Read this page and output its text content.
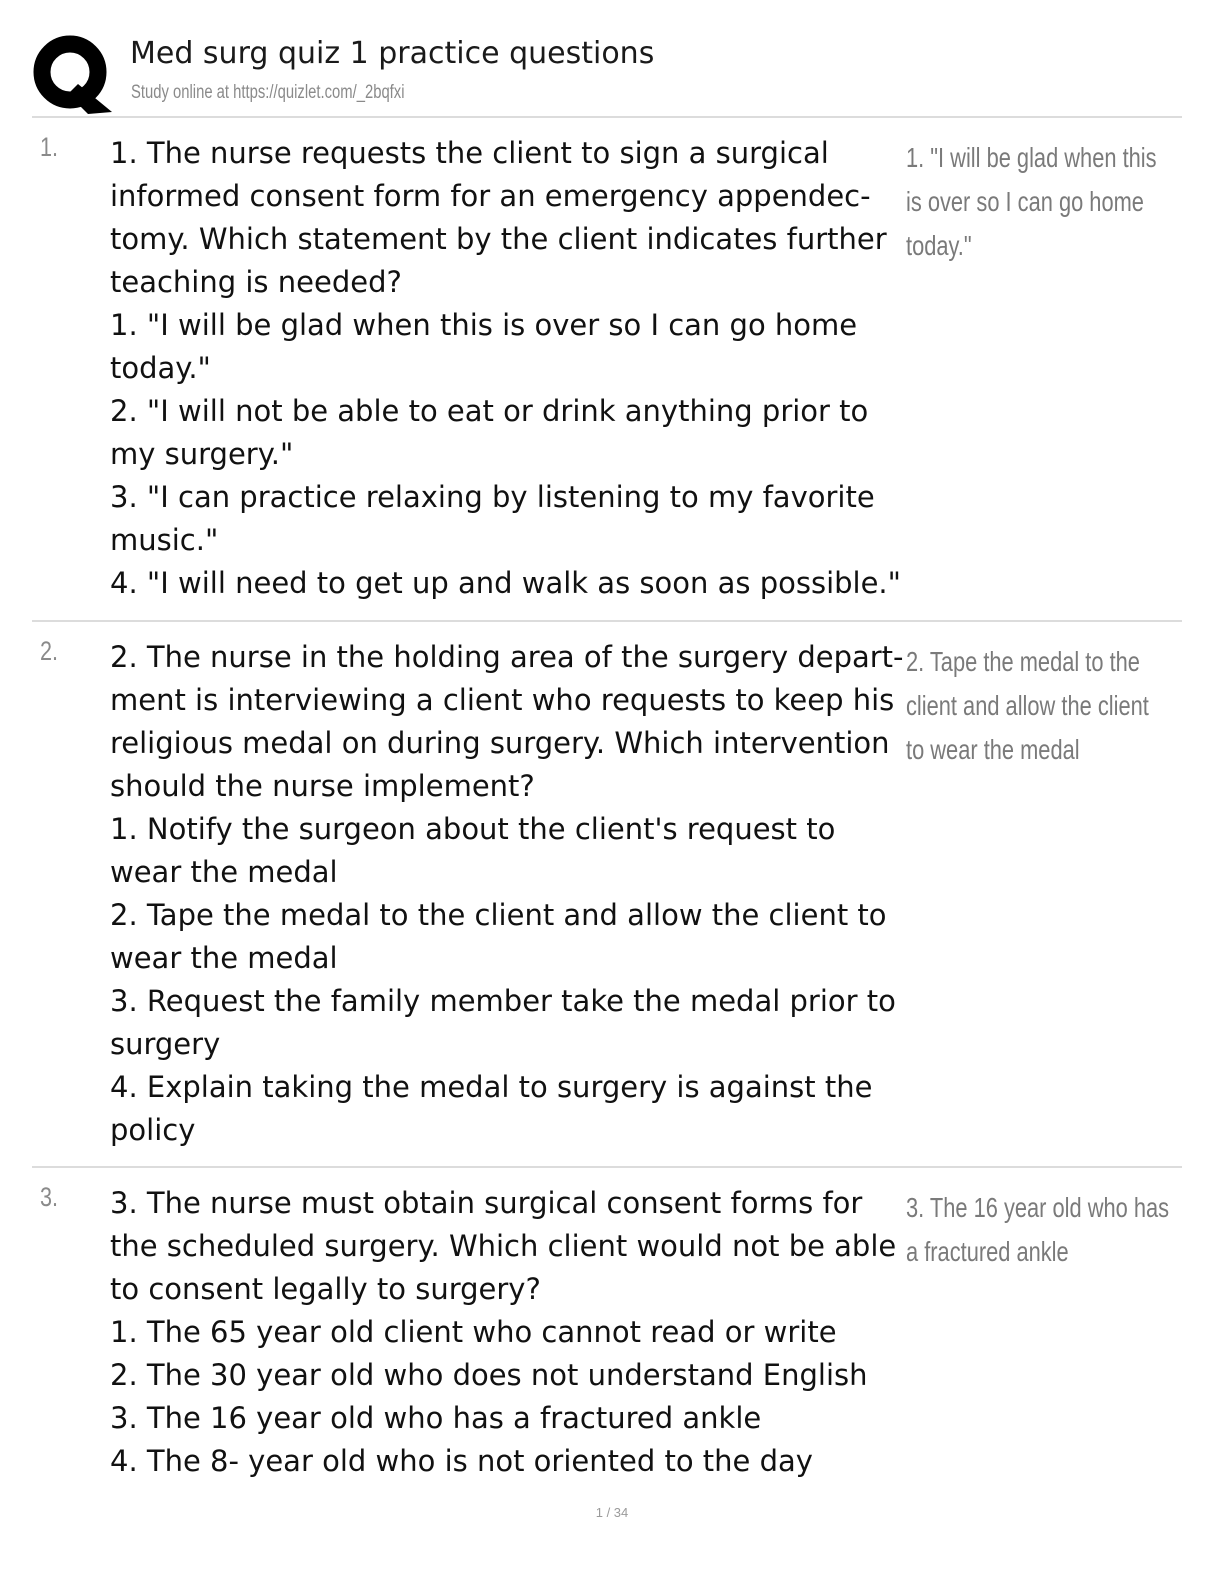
Med surg quiz 1 practice questions
Study online at https://quizlet.com/_2bqfxi
1. 1. The nurse requests the client to sign a surgical
informed consent form for an emergency appendec-
tomy. Which statement by the client indicates further
teaching is needed?
1. "I will be glad when this is over so I can go home
today."
2. "I will not be able to eat or drink anything prior to
my surgery."
3. "I can practice relaxing by listening to my favorite
music."
4. "I will need to get up and walk as soon as possible."
1. "I will be glad when this
is over so I can go home
today."
2. 2. The nurse in the holding area of the surgery depart-
ment is interviewing a client who requests to keep his
religious medal on during surgery. Which intervention
should the nurse implement?
1. Notify the surgeon about the client's request to
wear the medal
2. Tape the medal to the client and allow the client to
wear the medal
3. Request the family member take the medal prior to
surgery
4. Explain taking the medal to surgery is against the
policy
2. Tape the medal to the
client and allow the client
to wear the medal
3. 3. The nurse must obtain surgical consent forms for
the scheduled surgery. Which client would not be able
to consent legally to surgery?
1. The 65 year old client who cannot read or write
2. The 30 year old who does not understand English
3. The 16 year old who has a fractured ankle
4. The 8- year old who is not oriented to the day
3. The 16 year old who has
a fractured ankle
1 / 34
